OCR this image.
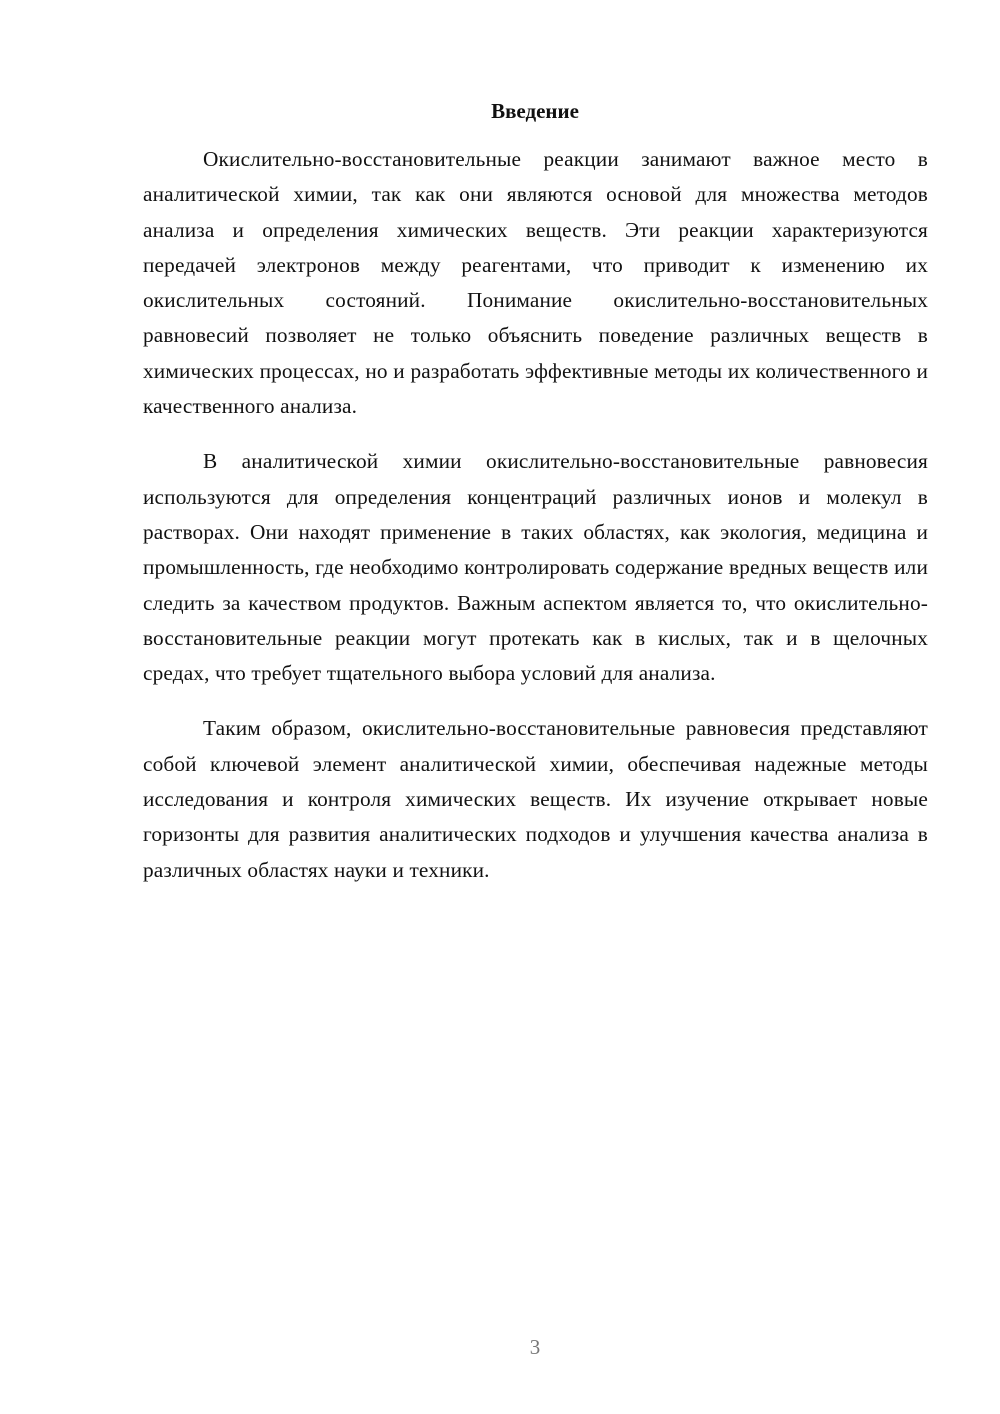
Введение

Окислительно-восстановительные реакции занимают важное место в аналитической химии, так как они являются основой для множества методов анализа и определения химических веществ. Эти реакции характеризуются передачей электронов между реагентами, что приводит к изменению их окислительных состояний. Понимание окислительно-восстановительных равновесий позволяет не только объяснить поведение различных веществ в химических процессах, но и разработать эффективные методы их количественного и качественного анализа.

В аналитической химии окислительно-восстановительные равновесия используются для определения концентраций различных ионов и молекул в растворах. Они находят применение в таких областях, как экология, медицина и промышленность, где необходимо контролировать содержание вредных веществ или следить за качеством продуктов. Важным аспектом является то, что окислительно-восстановительные реакции могут протекать как в кислых, так и в щелочных средах, что требует тщательного выбора условий для анализа.

Таким образом, окислительно-восстановительные равновесия представляют собой ключевой элемент аналитической химии, обеспечивая надежные методы исследования и контроля химических веществ. Их изучение открывает новые горизонты для развития аналитических подходов и улучшения качества анализа в различных областях науки и техники.

3
